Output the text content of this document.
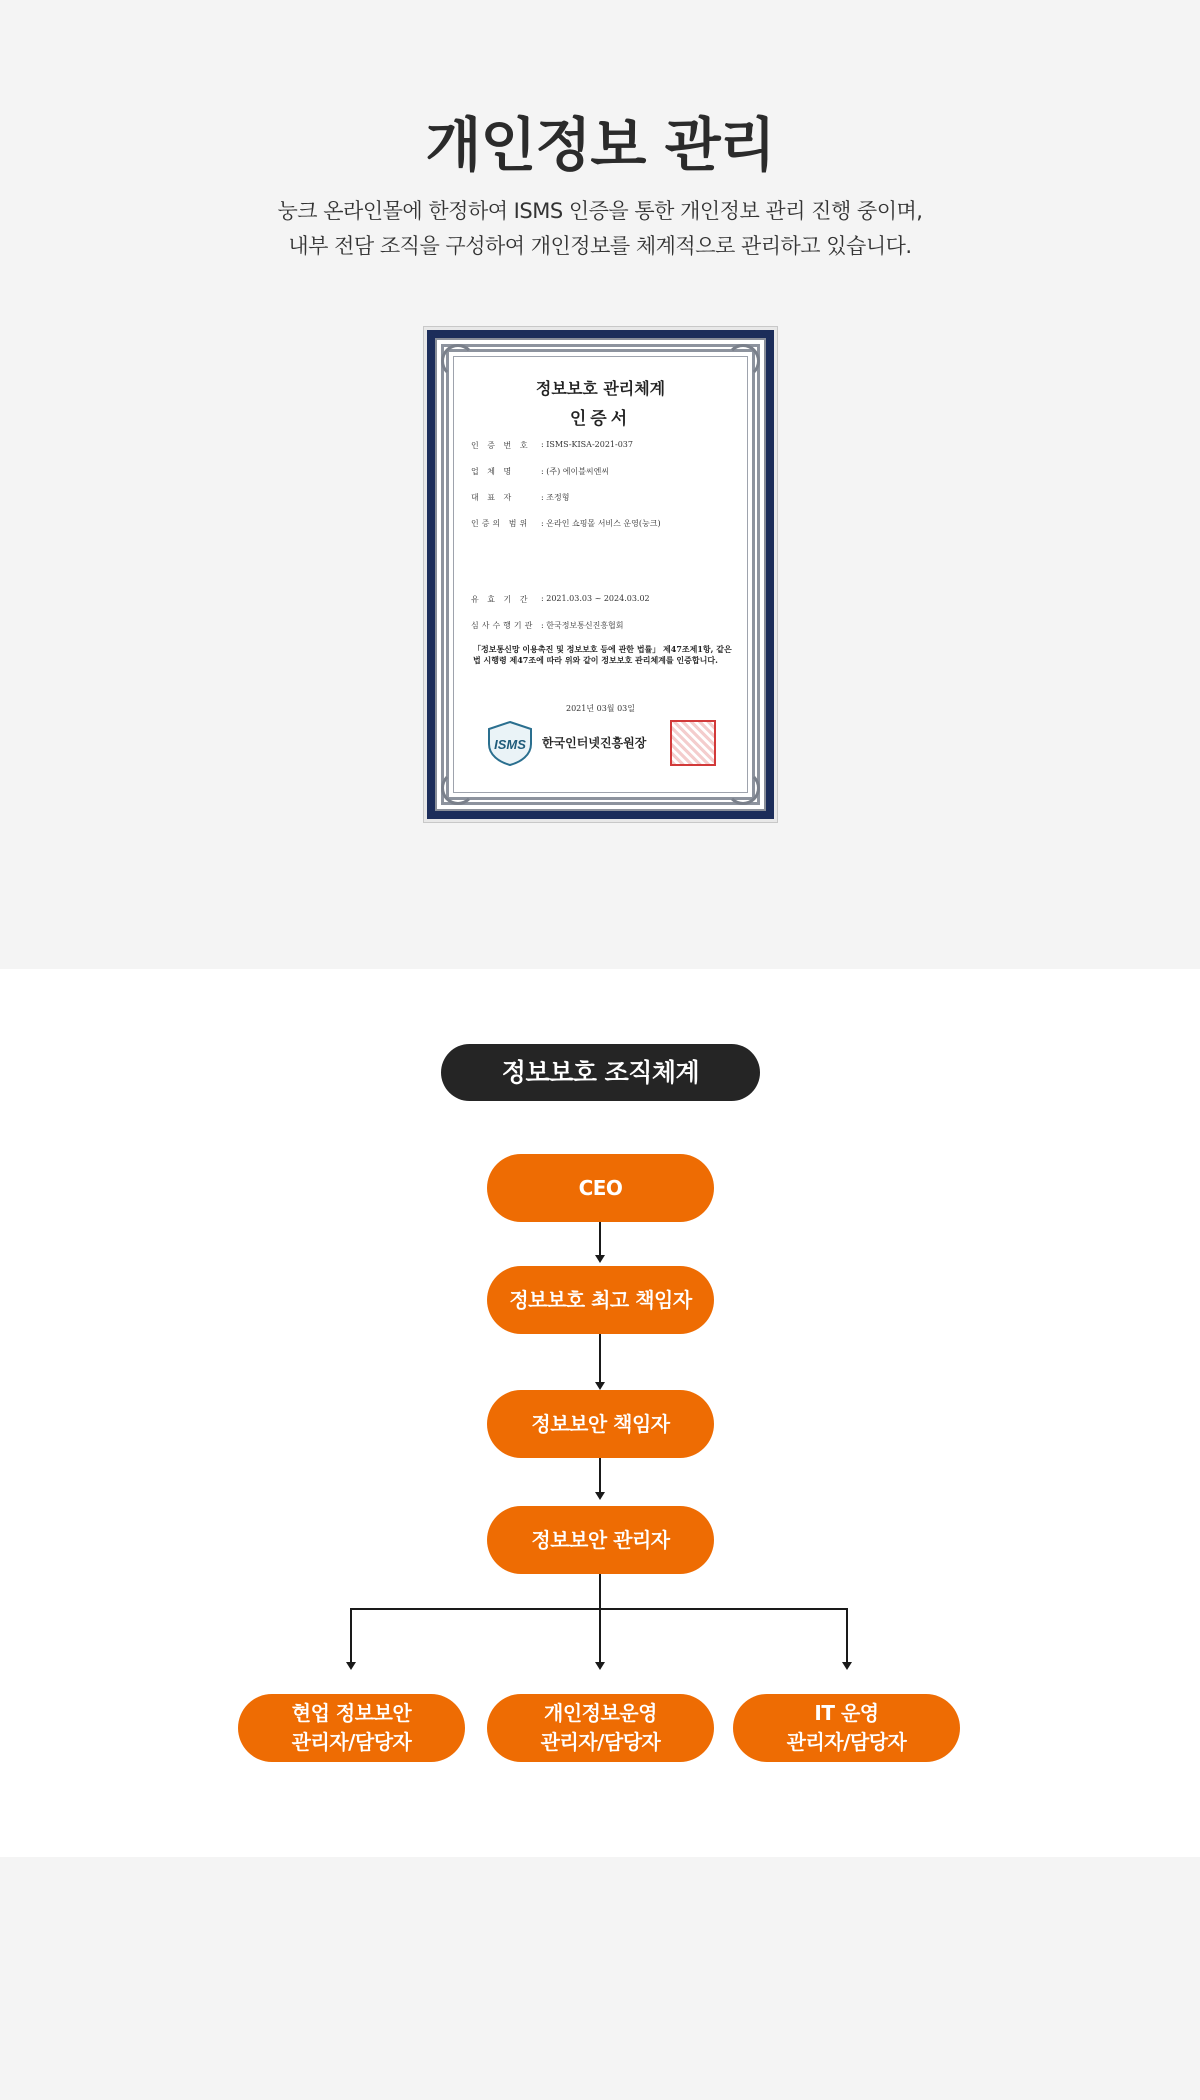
개인정보 관리
눙크 온라인몰에 한정하여 ISMS 인증을 통한 개인정보 관리 진행 중이며,
내부 전담 조직을 구성하여 개인정보를 체계적으로 관리하고 있습니다.
정보보호 관리체계
인증서
인 증 번 호	: ISMS-KISA-2021-037
업 체 명	: (주) 에이블씨엔씨
대 표 자	: 조정형
인증의 범위	: 온라인 쇼핑몰 서비스 운영(눙크)
유 효 기 간	: 2021.03.03 ~ 2024.03.02
심사수행기관 : 한국정보통신진흥협회
「정보통신망 이용촉진 및 정보보호 등에 관한 법률」 제47조제1항, 같은 법 시행령 제47조에 따라 위와 같이 정보보호 관리체계를 인증합니다.
2021년 03월 03일
ISMS 한국인터넷진흥원장
정보보호 조직체계
CEO
정보보호 최고 책임자
정보보안 책임자
정보보안 관리자
현업 정보보안
관리자/담당자
개인정보운영
관리자/담당자
IT 운영
관리자/담당자
